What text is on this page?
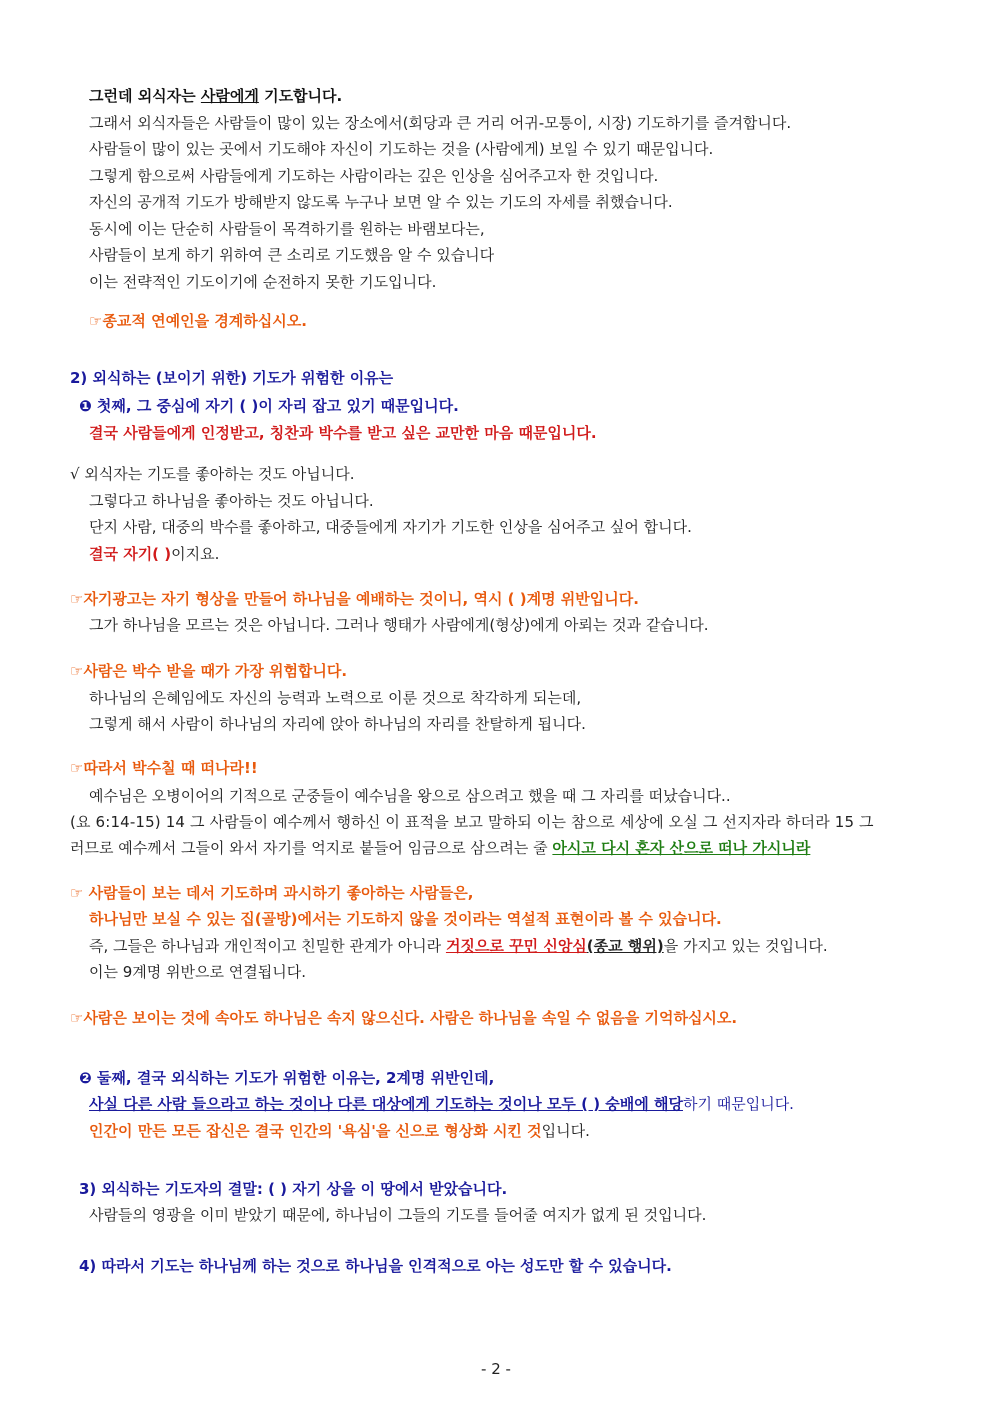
그런데 외식자는 사람에게 기도합니다.
그래서 외식자들은 사람들이 많이 있는 장소에서(회당과 큰 거리 어귀-모퉁이, 시장) 기도하기를 즐겨합니다.
사람들이 많이 있는 곳에서 기도해야 자신이 기도하는 것을 (사람에게) 보일 수 있기 때문입니다.
그렇게 함으로써 사람들에게 기도하는 사람이라는 깊은 인상을 심어주고자 한 것입니다.
자신의 공개적 기도가 방해받지 않도록 누구나 보면 알 수 있는 기도의 자세를 취했습니다.
동시에 이는 단순히 사람들이 목격하기를 원하는 바램보다는,
사람들이 보게 하기 위하여 큰 소리로 기도했음 알 수 있습니다
이는 전략적인 기도이기에 순전하지 못한 기도입니다.
☞종교적 연예인을 경계하십시오.
2) 외식하는 (보이기 위한) 기도가 위험한 이유는
❶ 첫째, 그 중심에 자기 ( )이 자리 잡고 있기 때문입니다.
결국 사람들에게 인정받고, 칭찬과 박수를 받고 싶은 교만한 마음 때문입니다.
√ 외식자는 기도를 좋아하는 것도 아닙니다.
그렇다고 하나님을 좋아하는 것도 아닙니다.
단지 사람, 대중의 박수를 좋아하고, 대중들에게 자기가 기도한 인상을 심어주고 싶어 합니다.
결국 자기( )이지요.
☞자기광고는 자기 형상을 만들어 하나님을 예배하는 것이니, 역시 ( )계명 위반입니다.
그가 하나님을 모르는 것은 아닙니다. 그러나 행태가 사람에게(형상)에게 아뢰는 것과 같습니다.
☞사람은 박수 받을 때가 가장 위험합니다.
하나님의 은혜임에도 자신의 능력과 노력으로 이룬 것으로 착각하게 되는데,
그렇게 해서 사람이 하나님의 자리에 앉아 하나님의 자리를 찬탈하게 됩니다.
☞따라서 박수칠 때 떠나라!!
예수님은 오병이어의 기적으로 군중들이 예수님을 왕으로 삼으려고 했을 때 그 자리를 떠났습니다..
(요 6:14-15) 14 그 사람들이 예수께서 행하신 이 표적을 보고 말하되 이는 참으로 세상에 오실 그 선지자라 하더라 15 그
러므로 예수께서 그들이 와서 자기를 억지로 붙들어 임금으로 삼으려는 줄 아시고 다시 혼자 산으로 떠나 가시니라
☞ 사람들이 보는 데서 기도하며 과시하기 좋아하는 사람들은,
하나님만 보실 수 있는 집(골방)에서는 기도하지 않을 것이라는 역설적 표현이라 볼 수 있습니다.
즉, 그들은 하나님과 개인적이고 친밀한 관계가 아니라 거짓으로 꾸민 신앙심(종교 행위)을 가지고 있는 것입니다.
이는 9계명 위반으로 연결됩니다.
☞사람은 보이는 것에 속아도 하나님은 속지 않으신다. 사람은 하나님을 속일 수 없음을 기억하십시오.
❷ 둘째, 결국 외식하는 기도가 위험한 이유는, 2계명 위반인데,
사실 다른 사람 들으라고 하는 것이나 다른 대상에게 기도하는 것이나 모두 ( ) 숭배에 해당하기 때문입니다.
인간이 만든 모든 잡신은 결국 인간의 '욕심'을 신으로 형상화 시킨 것입니다.
3) 외식하는 기도자의 결말: ( ) 자기 상을 이 땅에서 받았습니다.
사람들의 영광을 이미 받았기 때문에, 하나님이 그들의 기도를 들어줄 여지가 없게 된 것입니다.
4) 따라서 기도는 하나님께 하는 것으로 하나님을 인격적으로 아는 성도만 할 수 있습니다.
- 2 -
